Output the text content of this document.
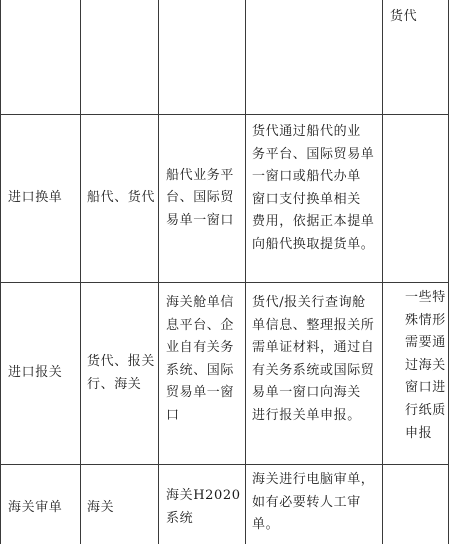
货代
进口换单 船代、货代
船代业务平
台、国际贸
易单一窗口
货代通过船代的业
务平台、国际贸易单
一窗口或船代办单
窗口支付换单相关
费用，依据正本提单
向船代换取提货单。
进口报关
货代、报关
行、海关
海关舱单信
息平台、企
业自有关务
系统、国际
贸易单一窗
口
货代/报关行查询舱
单信息、整理报关所
需单证材料，通过自
有关务系统或国际贸
易单一窗口向海关
进行报关单申报。
一些特
殊情形
需要通
过海关
窗口进
行纸质
申报
海关审单 海关
海关H2020
系统
海关进行电脑审单，
如有必要转人工审
单。
